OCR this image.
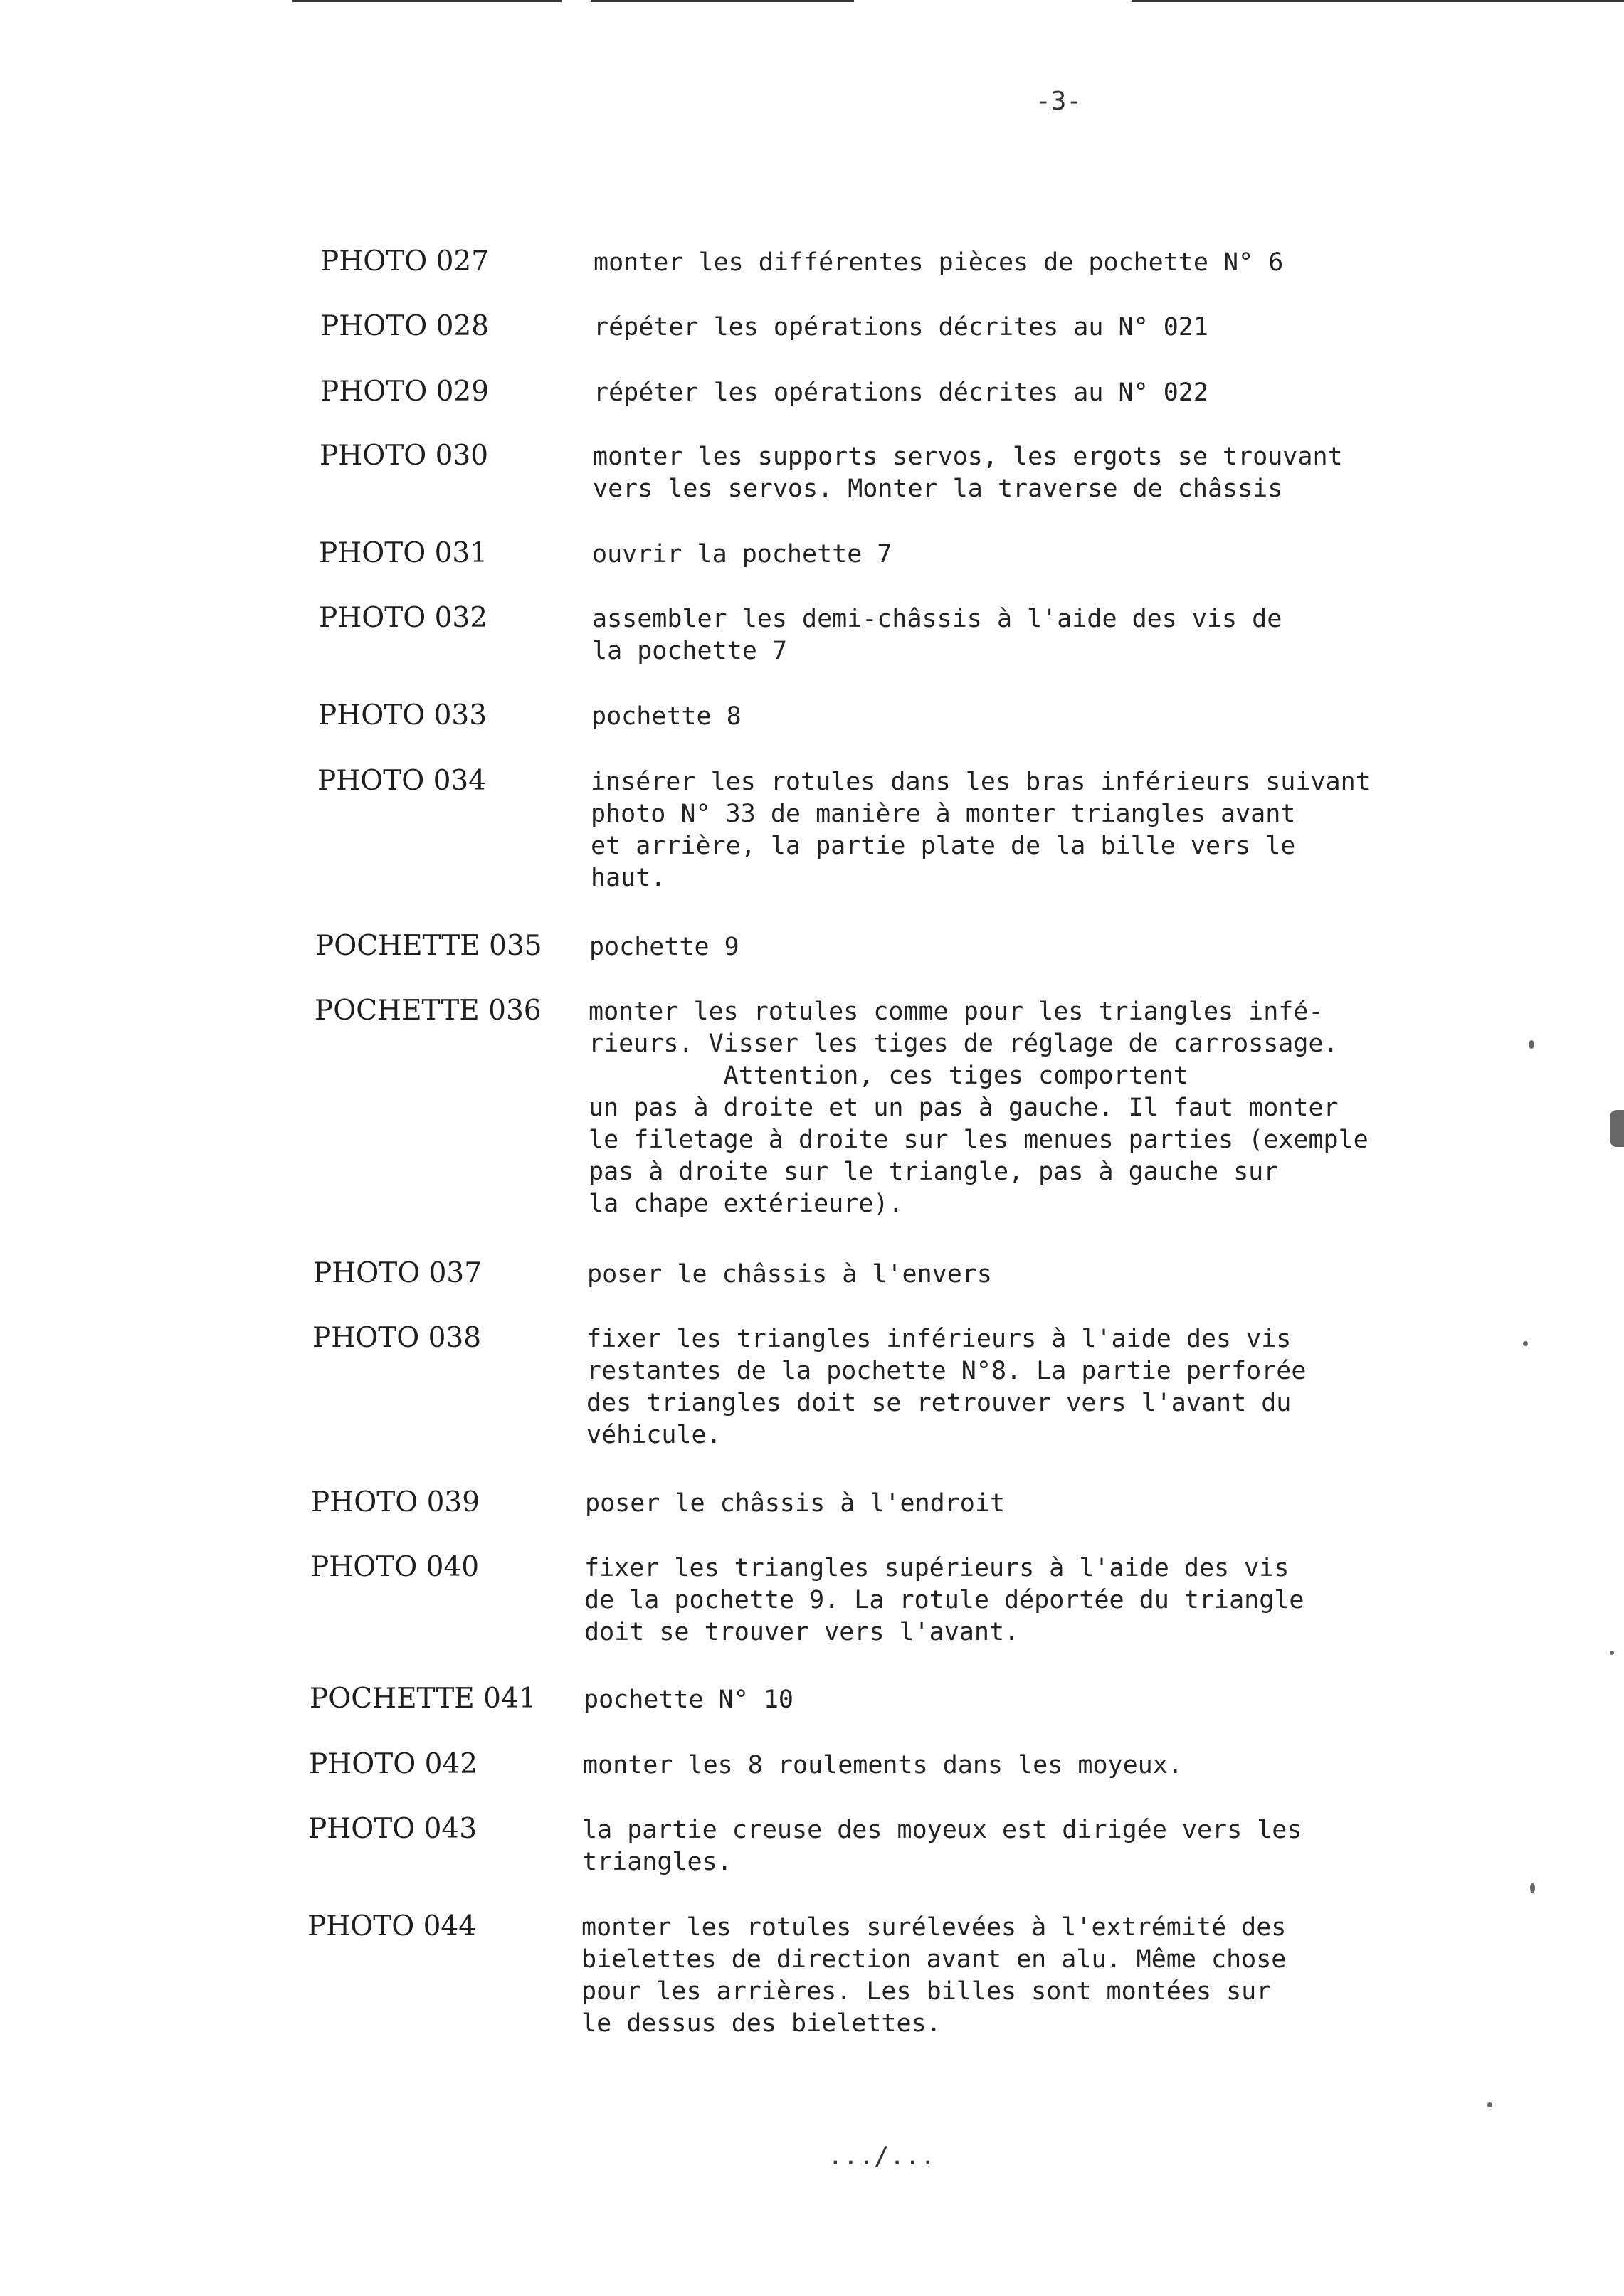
-3-
PHOTO 027	monter les différentes pièces de pochette N° 6
PHOTO 028	répéter les opérations décrites au N° 021
PHOTO 029	répéter les opérations décrites au N° 022
PHOTO 030	monter les supports servos, les ergots se trouvant
vers les servos. Monter la traverse de châssis
PHOTO 031	ouvrir la pochette 7
PHOTO 032	assembler les demi-châssis à l'aide des vis de
la pochette 7
PHOTO 033	pochette 8
PHOTO 034	insérer les rotules dans les bras inférieurs suivant
photo N° 33 de manière à monter triangles avant
et arrière, la partie plate de la bille vers le
haut.
POCHETTE 035 pochette 9
POCHETTE 036 monter les rotules comme pour les triangles infé-
rieurs. Visser les tiges de réglage de carrossage.
Attention, ces tiges comportent
un pas à droite et un pas à gauche. Il faut monter
le filetage à droite sur les menues parties (exemple
pas à droite sur le triangle, pas à gauche sur
la chape extérieure).
PHOTO 037	poser le châssis à l'envers
PHOTO 038	fixer les triangles inférieurs à l'aide des vis
restantes de la pochette N°8. La partie perforée
des triangles doit se retrouver vers l'avant du
véhicule.
PHOTO 039	poser le châssis à l'endroit
PHOTO 040	fixer les triangles supérieurs à l'aide des vis
de la pochette 9. La rotule déportée du triangle
doit se trouver vers l'avant.
POCHETTE 041 pochette N° 10
PHOTO 042	monter les 8 roulements dans les moyeux.
PHOTO 043	la partie creuse des moyeux est dirigée vers les
triangles.
PHOTO 044	monter les rotules surélevées à l'extrémité des
bielettes de direction avant en alu. Même chose
pour les arrières. Les billes sont montées sur
le dessus des bielettes.
.../...
